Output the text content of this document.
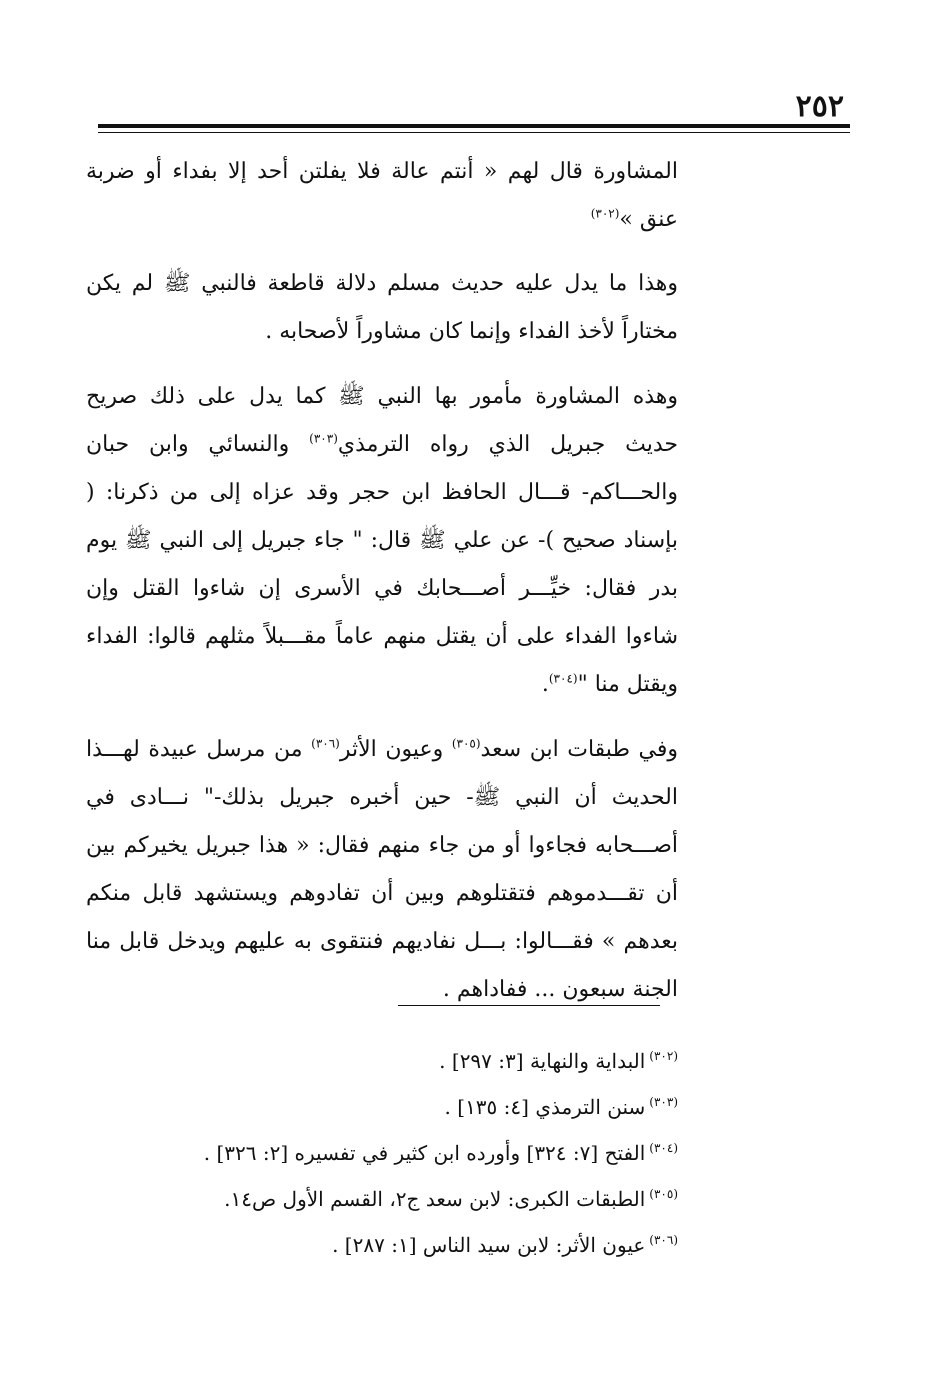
٢٥٢

المشاورة قال لهم « أنتم عالة فلا يفلتن أحد إلا بفداء أو ضربة عنق »$^{(٣٠٢)}$

وهذا ما يدل عليه حديث مسلم دلالة قاطعة فالنبي ﷺ لم يكن مختاراً لأخذ الفداء وإنما كان مشاوراً لأصحابه .

وهذه المشاورة مأمور بها النبي ﷺ كما يدل على ذلك صريح حديث جبريل الذي رواه الترمذي$^{(٣٠٣)}$ والنسائي وابن حبان والحـــاكم- قـــال الحافظ ابن حجر وقد عزاه إلى من ذكرنا: ( بإسناد صحيح )- عن علي ﷺ قال: " جاء جبريل إلى النبي ﷺ يوم بدر فقال: خيِّـــر أصـــحابك في الأسرى إن شاءوا القتل وإن شاءوا الفداء على أن يقتل منهم عاماً مقـــبلاً مثلهم قالوا: الفداء ويقتل منا "$^{(٣٠٤)}$.

وفي طبقات ابن سعد$^{(٣٠٥)}$ وعيون الأثر$^{(٣٠٦)}$ من مرسل عبيدة لهـــذا الحديث أن النبي ﷺ- حين أخبره جبريل بذلك-" نـــادى في أصـــحابه فجاءوا أو من جاء منهم فقال: « هذا جبريل يخيركم بين أن تقـــدموهم فتقتلوهم وبين أن تفادوهم ويستشهد قابل منكم بعدهم » فقـــالوا: بـــل نفاديهم فنتقوى به عليهم ويدخل قابل منا الجنة سبعون ... ففاداهم .

$^{(٣٠٢)}$البداية والنهاية [٣: ٢٩٧] .
$^{(٣٠٣)}$سنن الترمذي [٤: ١٣٥] .
$^{(٣٠٤)}$الفتح [٧: ٣٢٤] وأورده ابن كثير في تفسيره [٢: ٣٢٦] .
$^{(٣٠٥)}$الطبقات الكبرى: لابن سعد ج٢، القسم الأول ص١٤.
$^{(٣٠٦)}$عيون الأثر: لابن سيد الناس [١: ٢٨٧] .
